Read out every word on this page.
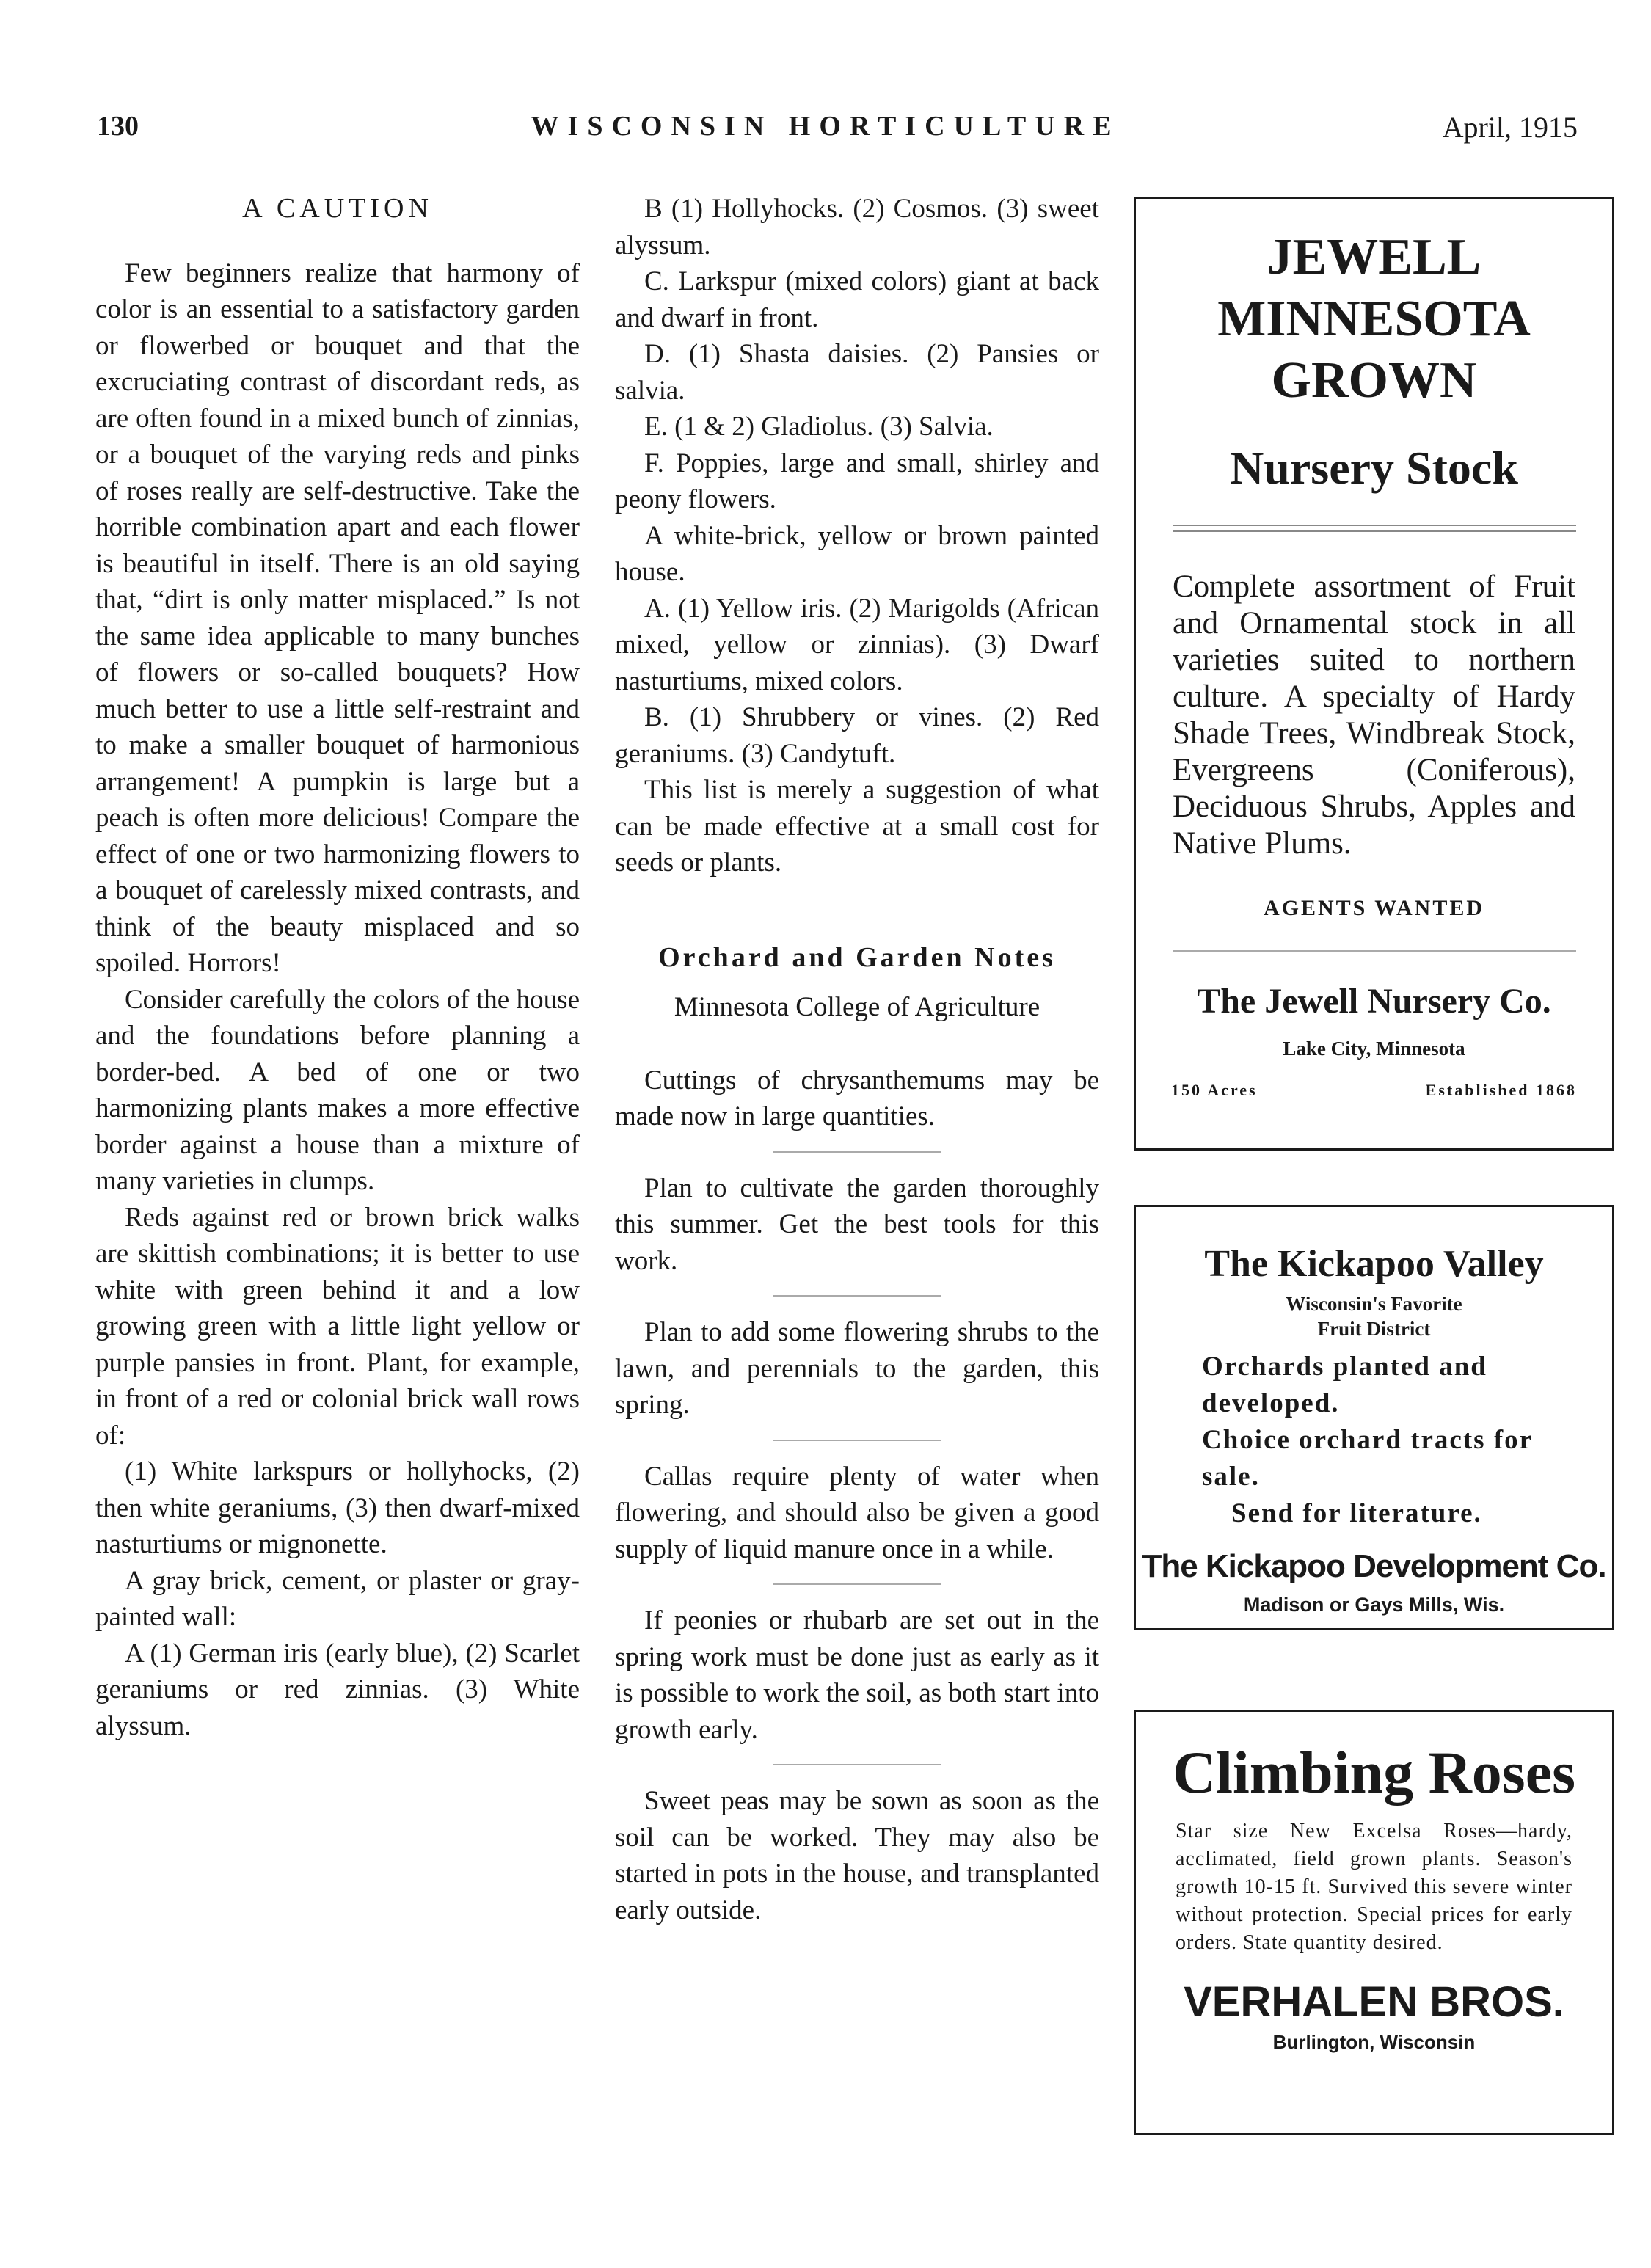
WISCONSIN HORTICULTURE
130	April, 1915
A CAUTION

Few beginners realize that harmony of color is an essential to a satisfactory garden or flowerbed or bouquet and that the excruciating contrast of discordant reds, as are often found in a mixed bunch of zinnias, or a bouquet of the varying reds and pinks of roses really are self-destructive. Take the horrible combination apart and each flower is beautiful in itself. There is an old saying that, “dirt is only matter misplaced.” Is not the same idea applicable to many bunches of flowers or so-called bouquets? How much better to use a little self-restraint and to make a smaller bouquet of harmonious arrangement! A pumpkin is large but a peach is often more delicious! Compare the effect of one or two harmonizing flowers to a bouquet of carelessly mixed contrasts, and think of the beauty misplaced and so spoiled. Horrors!

Consider carefully the colors of the house and the foundations before planning a border-bed. A bed of one or two harmonizing plants makes a more effective border against a house than a mixture of many varieties in clumps.

Reds against red or brown brick walks are skittish combinations; it is better to use white with green behind it and a low growing green with a little light yellow or purple pansies in front. Plant, for example, in front of a red or colonial brick wall rows of:

(1) White larkspurs or hollyhocks, (2) then white geraniums, (3) then dwarf-mixed nasturtiums or mignonette.

A gray brick, cement, or plaster or gray-painted wall:

A (1) German iris (early blue), (2) Scarlet geraniums or red zinnias. (3) White alyssum.

B (1) Hollyhocks. (2) Cosmos. (3) sweet alyssum.

C. Larkspur (mixed colors) giant at back and dwarf in front.

D. (1) Shasta daisies. (2) Pansies or salvia.

E. (1 & 2) Gladiolus. (3) Salvia.

F. Poppies, large and small, shirley and peony flowers.

A white-brick, yellow or brown painted house.

A. (1) Yellow iris. (2) Marigolds (African mixed, yellow or zinnias). (3) Dwarf nasturtiums, mixed colors.

B. (1) Shrubbery or vines. (2) Red geraniums. (3) Candytuft.

This list is merely a suggestion of what can be made effective at a small cost for seeds or plants.

Orchard and Garden Notes
Minnesota College of Agriculture

Cuttings of chrysanthemums may be made now in large quantities.

Plan to cultivate the garden thoroughly this summer. Get the best tools for this work.

Plan to add some flowering shrubs to the lawn, and perennials to the garden, this spring.

Callas require plenty of water when flowering, and should also be given a good supply of liquid manure once in a while.

If peonies or rhubarb are set out in the spring work must be done just as early as it is possible to work the soil, as both start into growth early.

Sweet peas may be sown as soon as the soil can be worked. They may also be started in pots in the house, and transplanted early outside.

JEWELL
MINNESOTA
GROWN
Nursery Stock
Complete assortment of Fruit and Ornamental stock in all varieties suited to northern culture. A specialty of Hardy Shade Trees, Windbreak Stock, Evergreens (Coniferous), Deciduous Shrubs, Apples and Native Plums.
AGENTS WANTED
The Jewell Nursery Co.
Lake City, Minnesota
150 Acres	Established 1868
The Kickapoo Valley
Wisconsin's Favorite
Fruit District
Orchards planted and developed.
Choice orchard tracts for sale.
Send for literature.
The Kickapoo Development Co.
Madison or Gays Mills, Wis.
Climbing Roses
Star size New Excelsa Roses—hardy, acclimated, field grown plants. Season's growth 10-15 ft. Survived this severe winter without protection. Special prices for early orders. State quantity desired.
VERHALEN BROS.
Burlington, Wisconsin
